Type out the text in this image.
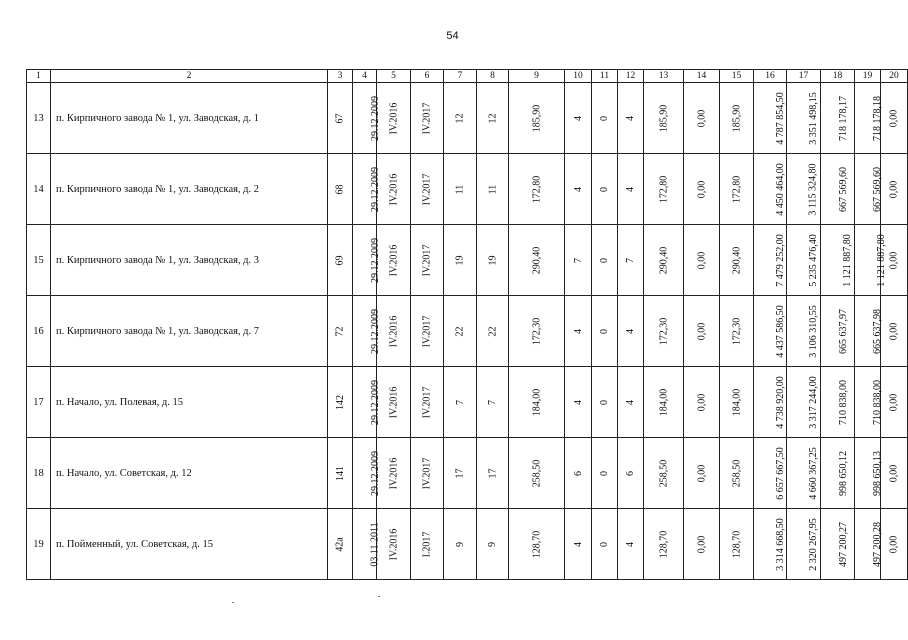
54
1	2	3	4	5	6	7	8	9	10	11	12	13	14	15	16	17	18	19	20
13	п. Кирпичного завода № 1, ул. Заводская, д. 1	67	29.12.2009	IV.2016	IV.2017	12	12	185,90	4	0	4	185,90	0,00	185,90	4 787 854,50	3 351 498,15	718 178,17	718 178,18	0,00
14	п. Кирпичного завода № 1, ул. Заводская, д. 2	68	29.12.2009	IV.2016	IV.2017	11	11	172,80	4	0	4	172,80	0,00	172,80	4 450 464,00	3 115 324,80	667 569,60	667 569,60	0,00
15	п. Кирпичного завода № 1, ул. Заводская, д. 3	69	29.12.2009	IV.2016	IV.2017	19	19	290,40	7	0	7	290,40	0,00	290,40	7 479 252,00	5 235 476,40	1 121 887,80	1 121 887,80	0,00
16	п. Кирпичного завода № 1, ул. Заводская, д. 7	72	29.12.2009	IV.2016	IV.2017	22	22	172,30	4	0	4	172,30	0,00	172,30	4 437 586,50	3 106 310,55	665 637,97	665 637,98	0,00
17	п. Начало, ул. Полевая, д. 15	142	29.12.2009	IV.2016	IV.2017	7	7	184,00	4	0	4	184,00	0,00	184,00	4 738 920,00	3 317 244,00	710 838,00	710 838,00	0,00
18	п. Начало, ул. Советская, д. 12	141	29.12.2009	IV.2016	IV.2017	17	17	258,50	6	0	6	258,50	0,00	258,50	6 657 667,50	4 660 367,25	998 650,12	998 650,13	0,00
19	п. Пойменный, ул. Советская, д. 15	42а	03.11.2011	IV.2016	I.2017	9	9	128,70	4	0	4	128,70	0,00	128,70	3 314 668,50	2 320 267,95	497 200,27	497 200,28	0,00
